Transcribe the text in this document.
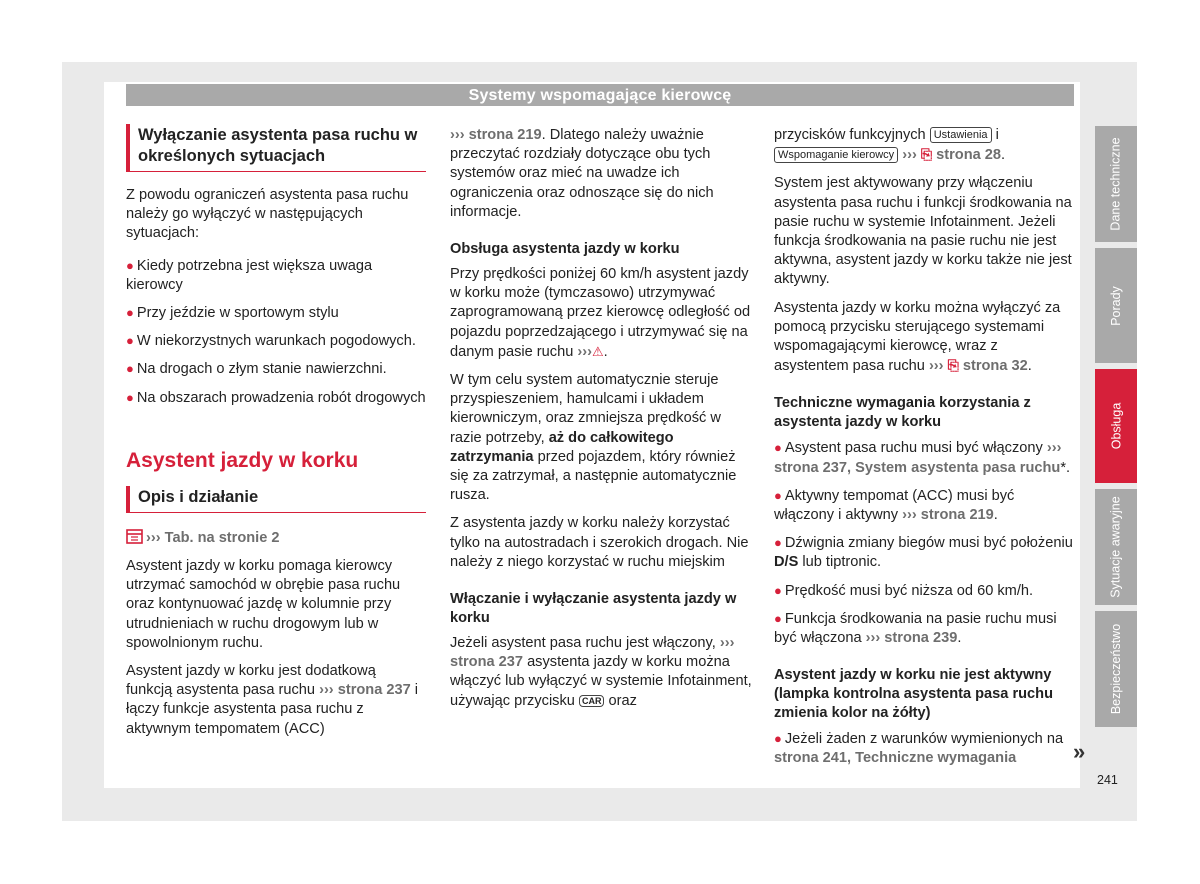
Systemy wspomagające kierowcę
Wyłączanie asystenta pasa ruchu w określonych sytuacjach

Z powodu ograniczeń asystenta pasa ruchu należy go wyłączyć w następujących sytuacjach:

● Kiedy potrzebna jest większa uwaga kierowcy
● Przy jeździe w sportowym stylu
● W niekorzystnych warunkach pogodowych.
● Na drogach o złym stanie nawierzchni.
● Na obszarach prowadzenia robót drogowych
Asystent jazdy w korku
Opis i działanie

››› Tab. na stronie 2

Asystent jazdy w korku pomaga kierowcy utrzymać samochód w obrębie pasa ruchu oraz kontynuować jazdę w kolumnie przy utrudnieniach w ruchu drogowym lub w spowolnionym ruchu.

Asystent jazdy w korku jest dodatkową funkcją asystenta pasa ruchu ››› strona 237 i łączy funkcje asystenta pasa ruchu z aktywnym tempomatem (ACC)

››› strona 219. Dlatego należy uważnie przeczytać rozdziały dotyczące obu tych systemów oraz mieć na uwadze ich ograniczenia oraz odnoszące się do nich informacje.

Obsługa asystenta jazdy w korku

Przy prędkości poniżej 60 km/h asystent jazdy w korku może (tymczasowo) utrzymywać zaprogramowaną przez kierowcę odległość od pojazdu poprzedzającego i utrzymywać się na danym pasie ruchu ›››⚠.

W tym celu system automatycznie steruje przyspieszeniem, hamulcami i układem kierowniczym, oraz zmniejsza prędkość w razie potrzeby, aż do całkowitego zatrzymania przed pojazdem, który również się za zatrzymał, a następnie automatycznie rusza.

Z asystenta jazdy w korku należy korzystać tylko na autostradach i szerokich drogach. Nie należy z niego korzystać w ruchu miejskim

Włączanie i wyłączanie asystenta jazdy w korku

Jeżeli asystent pasa ruchu jest włączony, ››› strona 237 asystenta jazdy w korku można włączyć lub wyłączyć w systemie Infotainment, używając przycisku CAR oraz

przycisków funkcyjnych Ustawienia i Wspomaganie kierowcy ››› ⎘ strona 28.

System jest aktywowany przy włączeniu asystenta pasa ruchu i funkcji środkowania na pasie ruchu w systemie Infotainment. Jeżeli funkcja środkowania na pasie ruchu nie jest aktywna, asystent jazdy w korku także nie jest aktywny.

Asystenta jazdy w korku można wyłączyć za pomocą przycisku sterującego systemami wspomagającymi kierowcę, wraz z asystentem pasa ruchu ››› ⎘ strona 32.

Techniczne wymagania korzystania z asystenta jazdy w korku
● Asystent pasa ruchu musi być włączony ››› strona 237, System asystenta pasa ruchu*.
● Aktywny tempomat (ACC) musi być włączony i aktywny ››› strona 219.
● Dźwignia zmiany biegów musi być położeniu D/S lub tiptronic.
● Prędkość musi być niższa od 60 km/h.
● Funkcja środkowania na pasie ruchu musi być włączona ››› strona 239.
Asystent jazdy w korku nie jest aktywny (lampka kontrolna asystenta pasa ruchu zmienia kolor na żółty)
● Jeżeli żaden z warunków wymienionych na strona 241, Techniczne wymagania
Dane techniczne
Porady
Obsługa
Sytuacje awaryjne
Bezpieczeństwo
»
241
